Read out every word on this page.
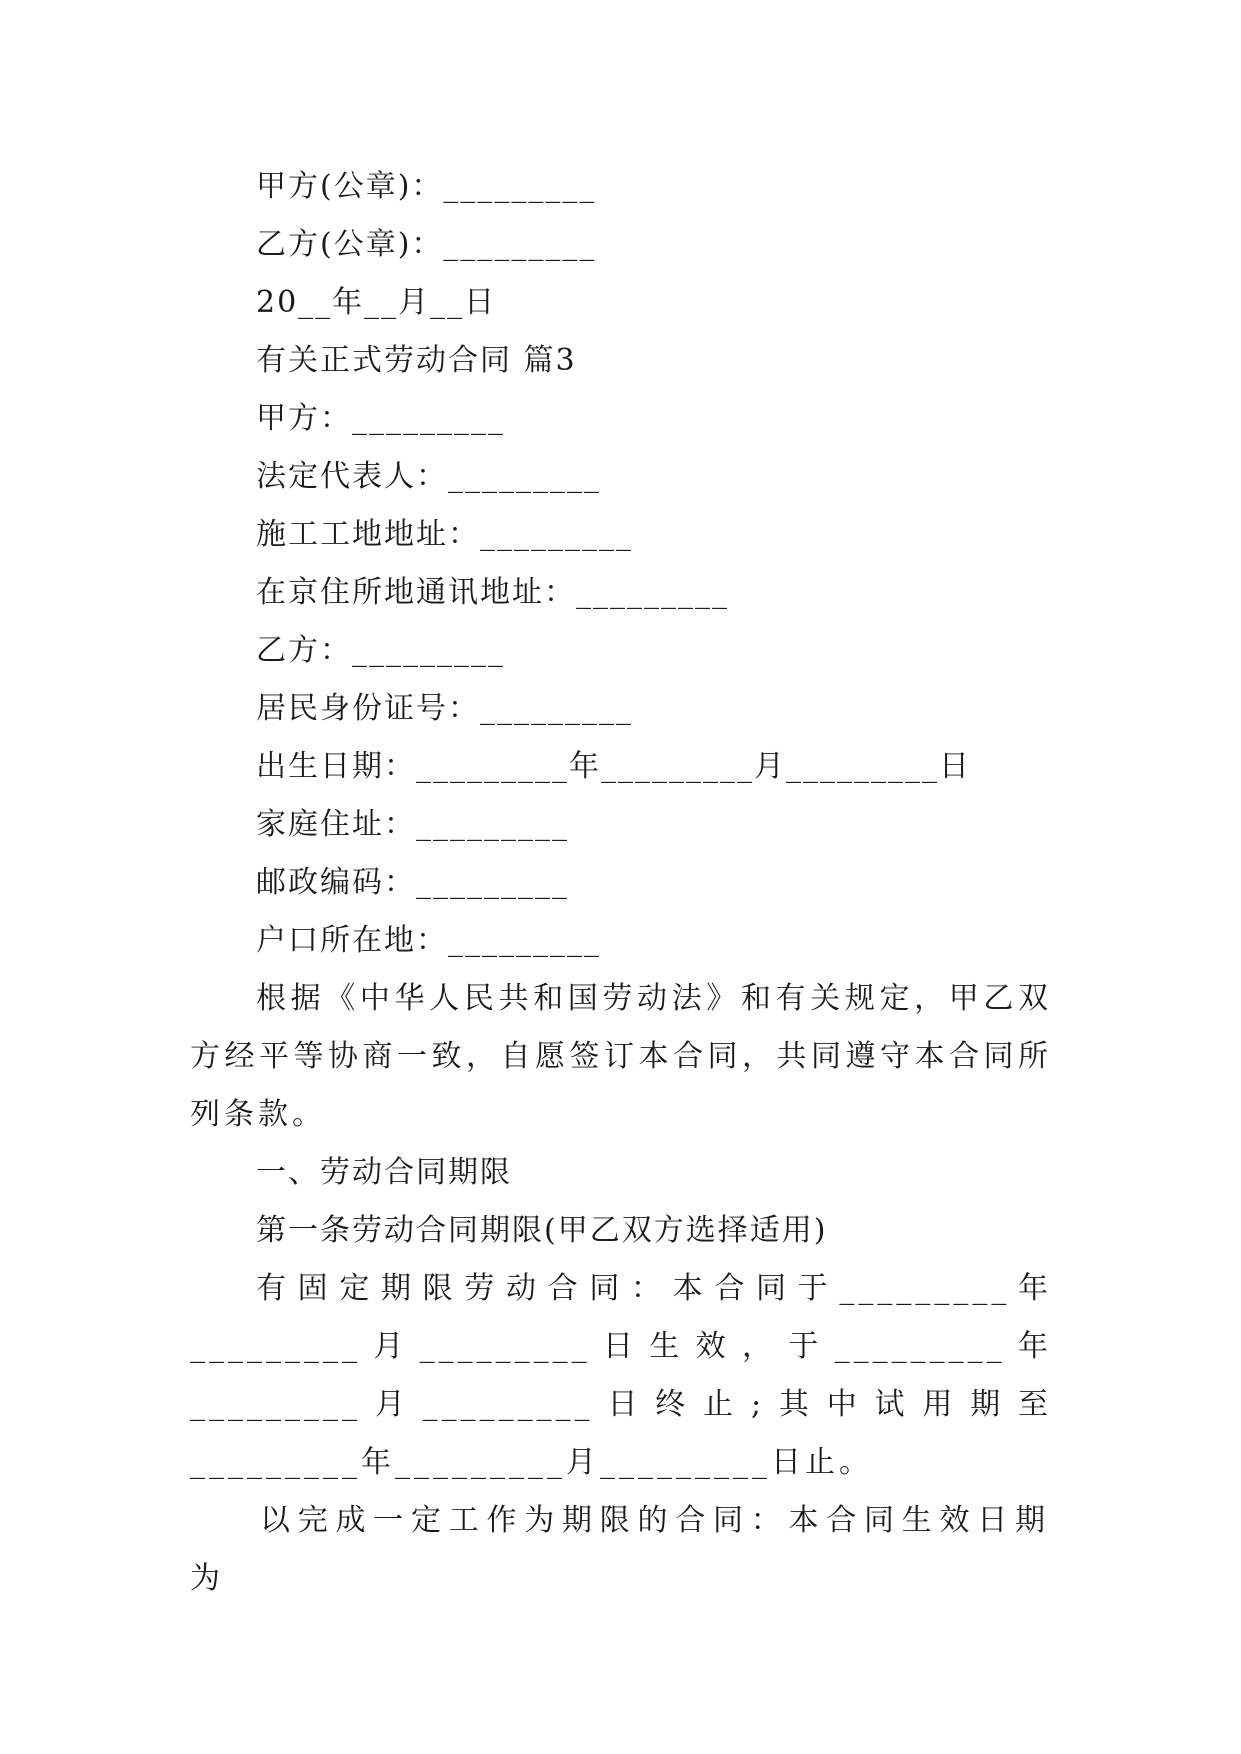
甲方(公章)：_________

乙方(公章)：_________

20__年__月__日

有关正式劳动合同 篇3

甲方：_________

法定代表人：_________

施工工地地址：_________

在京住所地通讯地址：_________

乙方：_________

居民身份证号：_________

出生日期：_________年_________月_________日

家庭住址：_________

邮政编码：_________

户口所在地：_________

根据《中华人民共和国劳动法》和有关规定，甲乙双方经平等协商一致，自愿签订本合同，共同遵守本合同所列条款。

一、劳动合同期限

第一条劳动合同期限(甲乙双方选择适用)

有固定期限劳动合同：本合同于_________年_________月_________日生效，于_________年_________月_________日终止;其中试用期至_________年_________月_________日止。

以完成一定工作为期限的合同：本合同生效日期为
